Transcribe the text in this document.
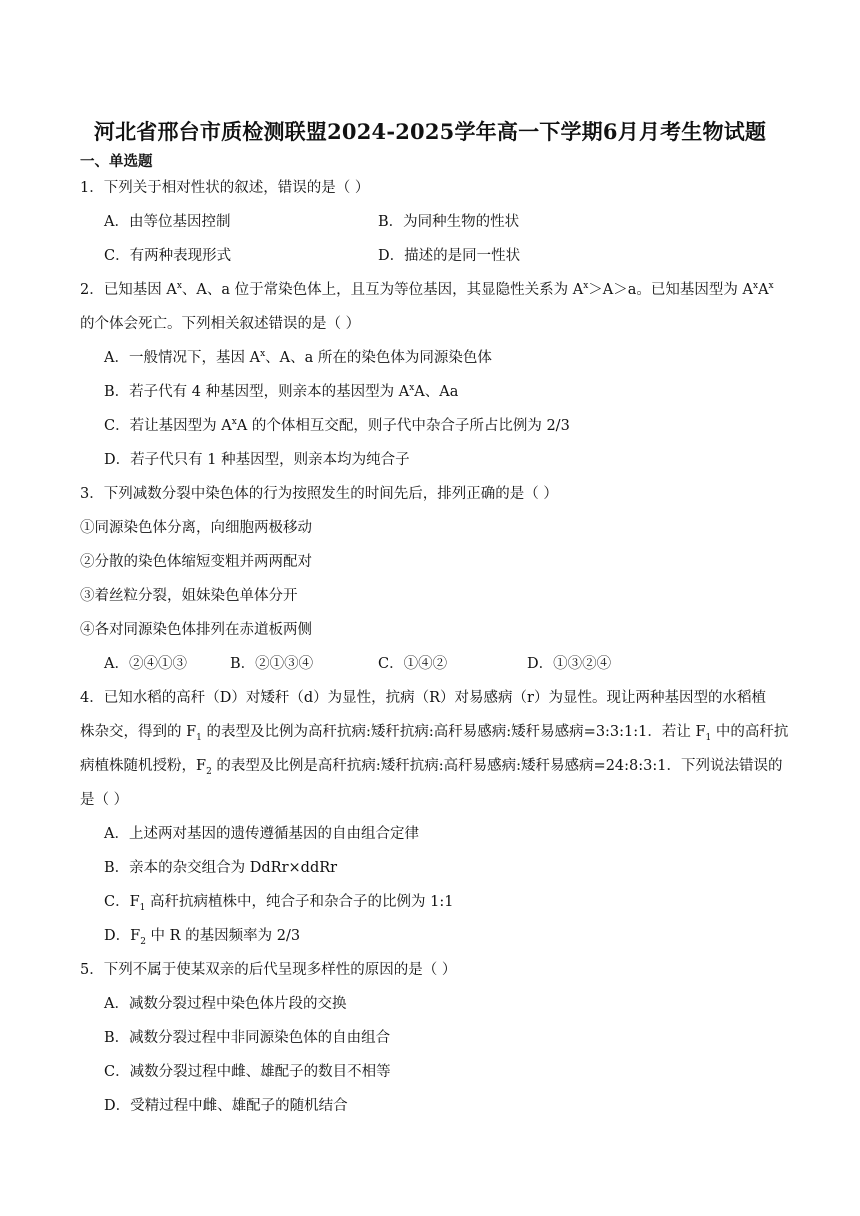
河北省邢台市质检测联盟2024-2025学年高一下学期6月月考生物试题
一、单选题
1．下列关于相对性状的叙述，错误的是（ ）
A．由等位基因控制	B．为同种生物的性状
C．有两种表现形式	D．描述的是同一性状
2．已知基因 $A^x$、A、a 位于常染色体上，且互为等位基因，其显隐性关系为 $A^x>A>a$。已知基因型为 $A^xA^x$
的个体会死亡。下列相关叙述错误的是（ ）
A．一般情况下，基因 $A^x$、A、a 所在的染色体为同源染色体
B．若子代有 4 种基因型，则亲本的基因型为 $A^xA$、Aa
C．若让基因型为 $A^xA$ 的个体相互交配，则子代中杂合子所占比例为 2/3
D．若子代只有 1 种基因型，则亲本均为纯合子
3．下列减数分裂中染色体的行为按照发生的时间先后，排列正确的是（ ）
①同源染色体分离，向细胞两极移动
②分散的染色体缩短变粗并两两配对
③着丝粒分裂，姐妹染色单体分开
④各对同源染色体排列在赤道板两侧
A．②④①③	B．②①③④	C．①④②	D．①③②④
4．已知水稻的高秆（D）对矮秆（d）为显性，抗病（R）对易感病（r）为显性。现让两种基因型的水稻植
株杂交，得到的 $F_1$ 的表型及比例为高秆抗病:矮秆抗病:高秆易感病:矮秆易感病=3:3:1:1．若让 $F_1$ 中的高秆抗
病植株随机授粉，$F_2$ 的表型及比例是高秆抗病:矮秆抗病:高秆易感病:矮秆易感病=24:8:3:1．下列说法错误的
是（ ）
A．上述两对基因的遗传遵循基因的自由组合定律
B．亲本的杂交组合为 DdRr×ddRr
C．$F_1$ 高秆抗病植株中，纯合子和杂合子的比例为 1:1
D．$F_2$ 中 R 的基因频率为 2/3
5．下列不属于使某双亲的后代呈现多样性的原因的是（ ）
A．减数分裂过程中染色体片段的交换
B．减数分裂过程中非同源染色体的自由组合
C．减数分裂过程中雌、雄配子的数目不相等
D．受精过程中雌、雄配子的随机结合
